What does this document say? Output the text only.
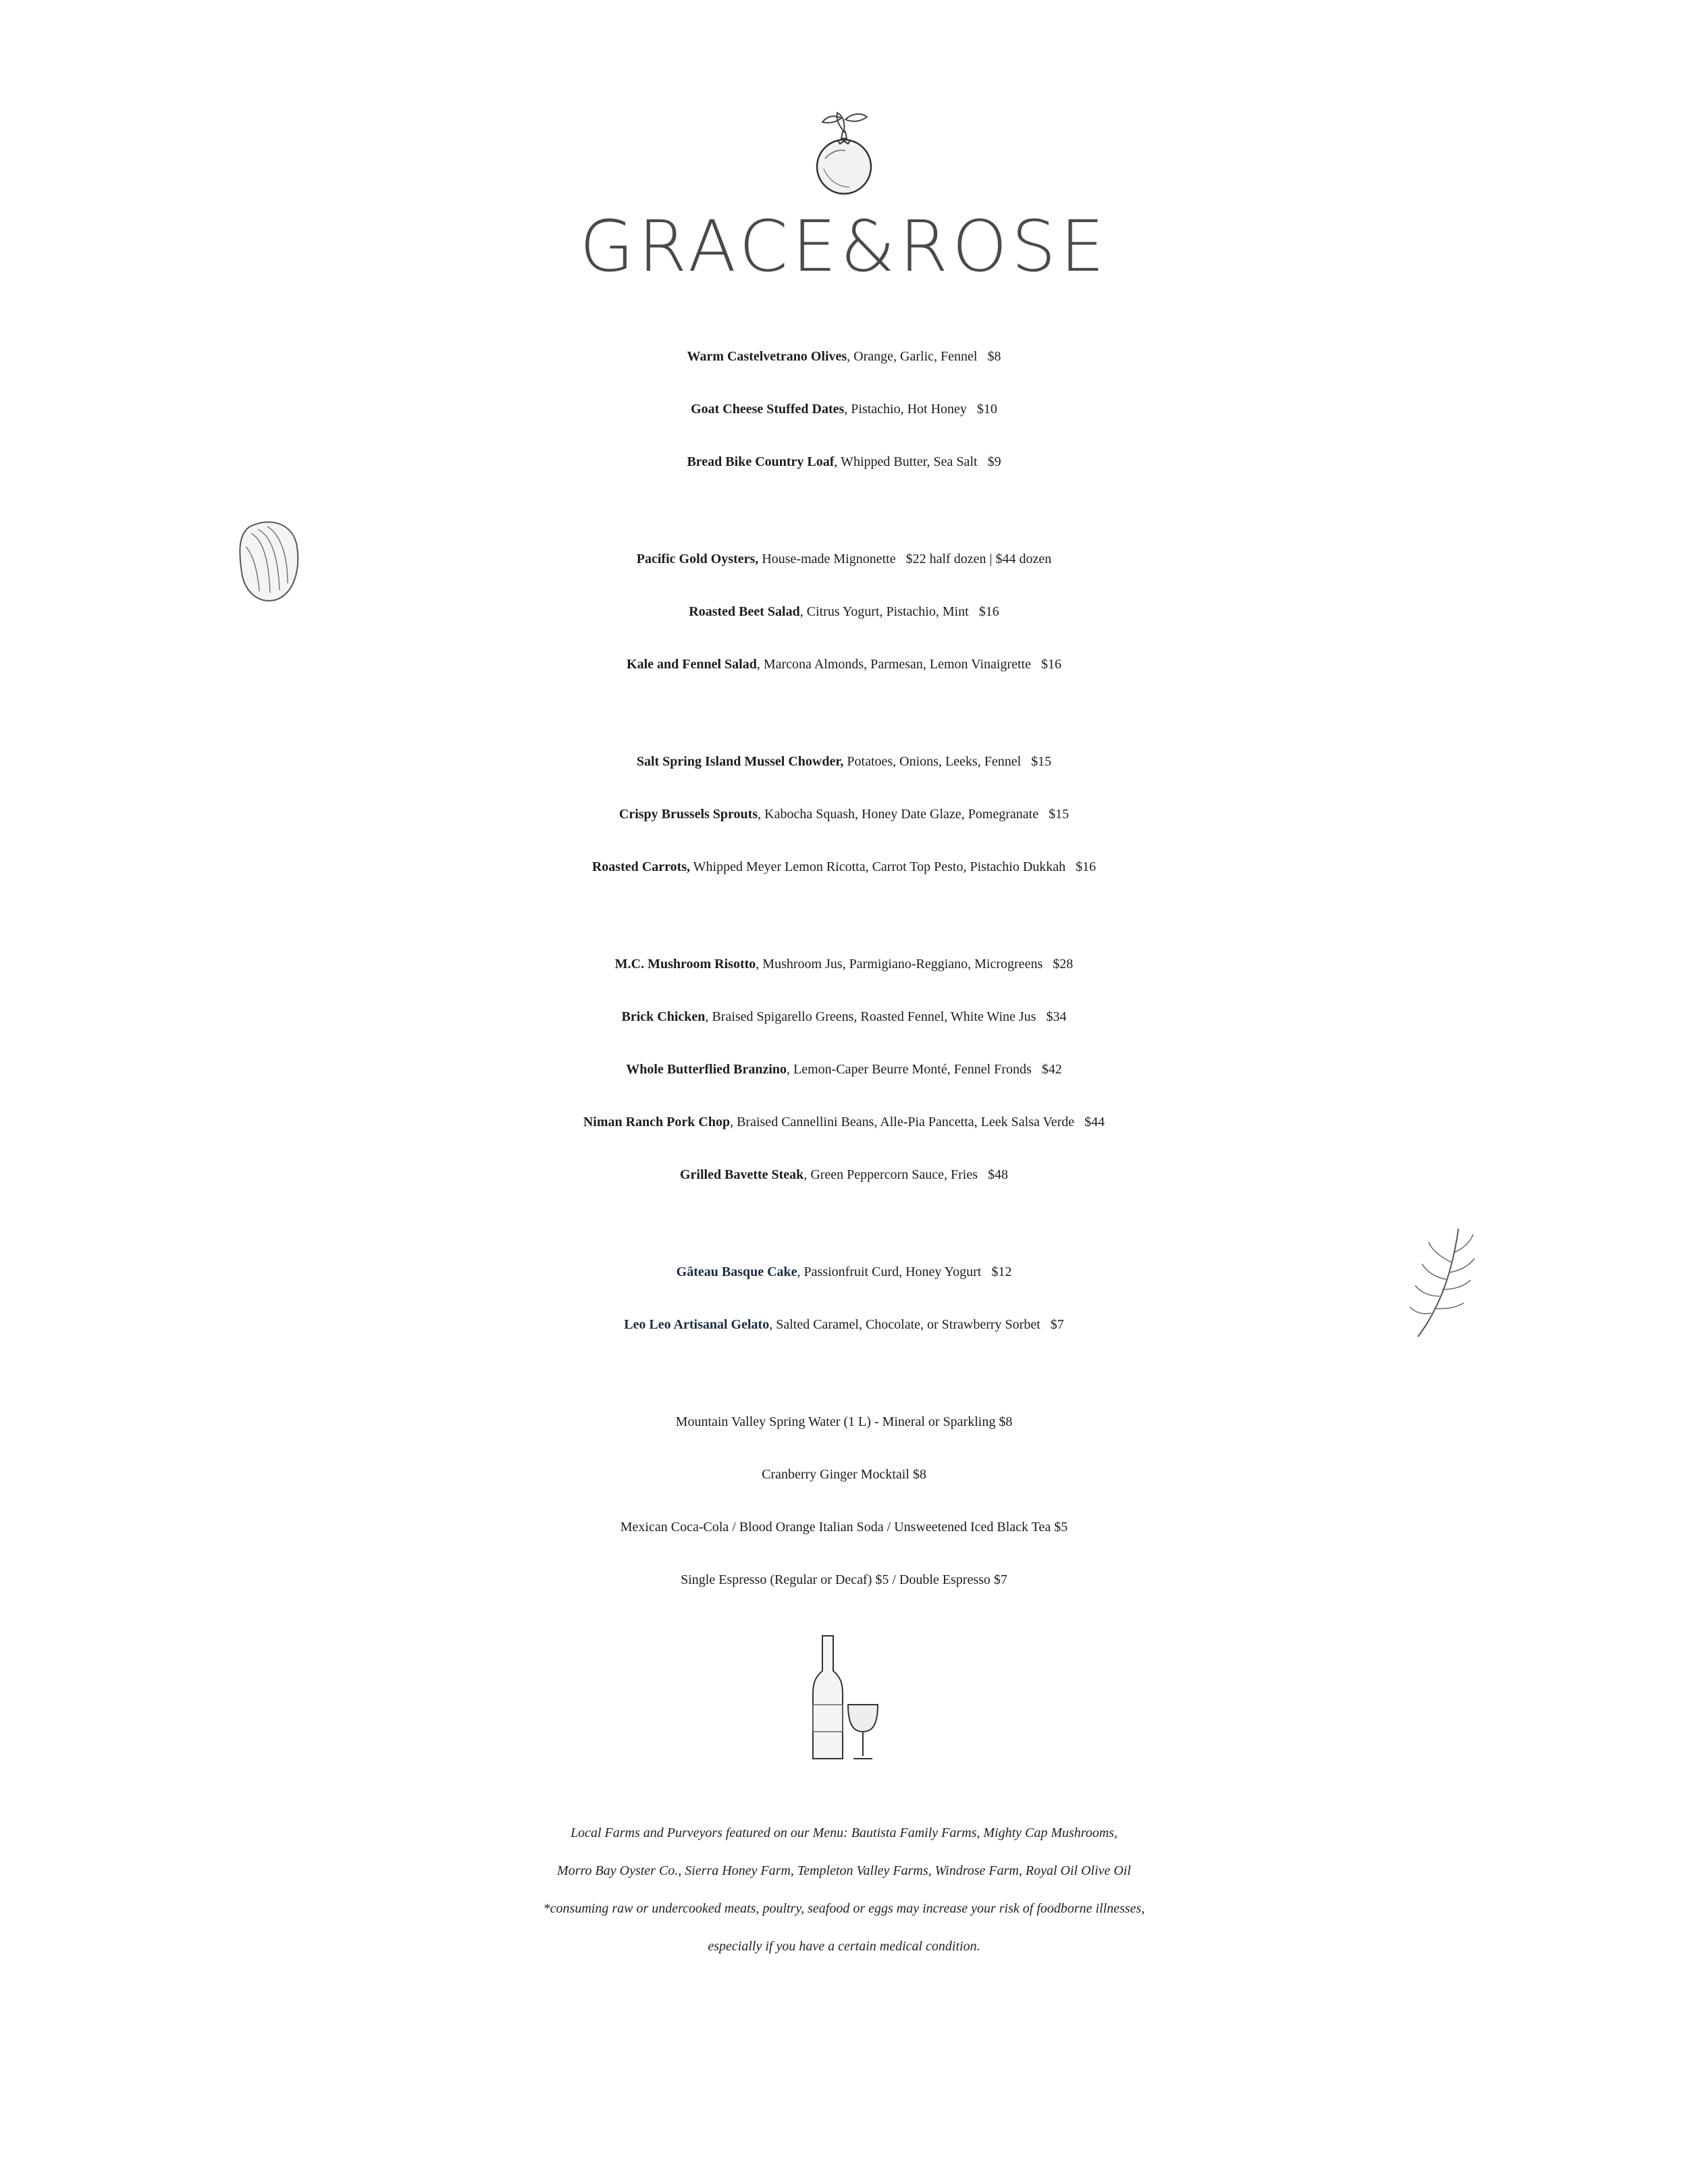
GRACE&ROSE
Warm Castelvetrano Olives, Orange, Garlic, Fennel $8
Goat Cheese Stuffed Dates, Pistachio, Hot Honey $10
Bread Bike Country Loaf, Whipped Butter, Sea Salt $9
Pacific Gold Oysters, House-made Mignonette $22 half dozen | $44 dozen
Roasted Beet Salad, Citrus Yogurt, Pistachio, Mint $16
Kale and Fennel Salad, Marcona Almonds, Parmesan, Lemon Vinaigrette $16
Salt Spring Island Mussel Chowder, Potatoes, Onions, Leeks, Fennel $15
Crispy Brussels Sprouts, Kabocha Squash, Honey Date Glaze, Pomegranate $15
Roasted Carrots, Whipped Meyer Lemon Ricotta, Carrot Top Pesto, Pistachio Dukkah $16
M.C. Mushroom Risotto, Mushroom Jus, Parmigiano-Reggiano, Microgreens $28
Brick Chicken, Braised Spigarello Greens, Roasted Fennel, White Wine Jus $34
Whole Butterflied Branzino, Lemon-Caper Beurre Monté, Fennel Fronds $42
Niman Ranch Pork Chop, Braised Cannellini Beans, Alle-Pia Pancetta, Leek Salsa Verde $44
Grilled Bavette Steak, Green Peppercorn Sauce, Fries $48
Gâteau Basque Cake, Passionfruit Curd, Honey Yogurt $12
Leo Leo Artisanal Gelato, Salted Caramel, Chocolate, or Strawberry Sorbet $7
Mountain Valley Spring Water (1 L) - Mineral or Sparkling $8
Cranberry Ginger Mocktail $8
Mexican Coca-Cola / Blood Orange Italian Soda / Unsweetened Iced Black Tea $5
Single Espresso (Regular or Decaf) $5 / Double Espresso $7
Local Farms and Purveyors featured on our Menu: Bautista Family Farms, Mighty Cap Mushrooms,
Morro Bay Oyster Co., Sierra Honey Farm, Templeton Valley Farms, Windrose Farm, Royal Oil Olive Oil
*consuming raw or undercooked meats, poultry, seafood or eggs may increase your risk of foodborne illnesses,
especially if you have a certain medical condition.
